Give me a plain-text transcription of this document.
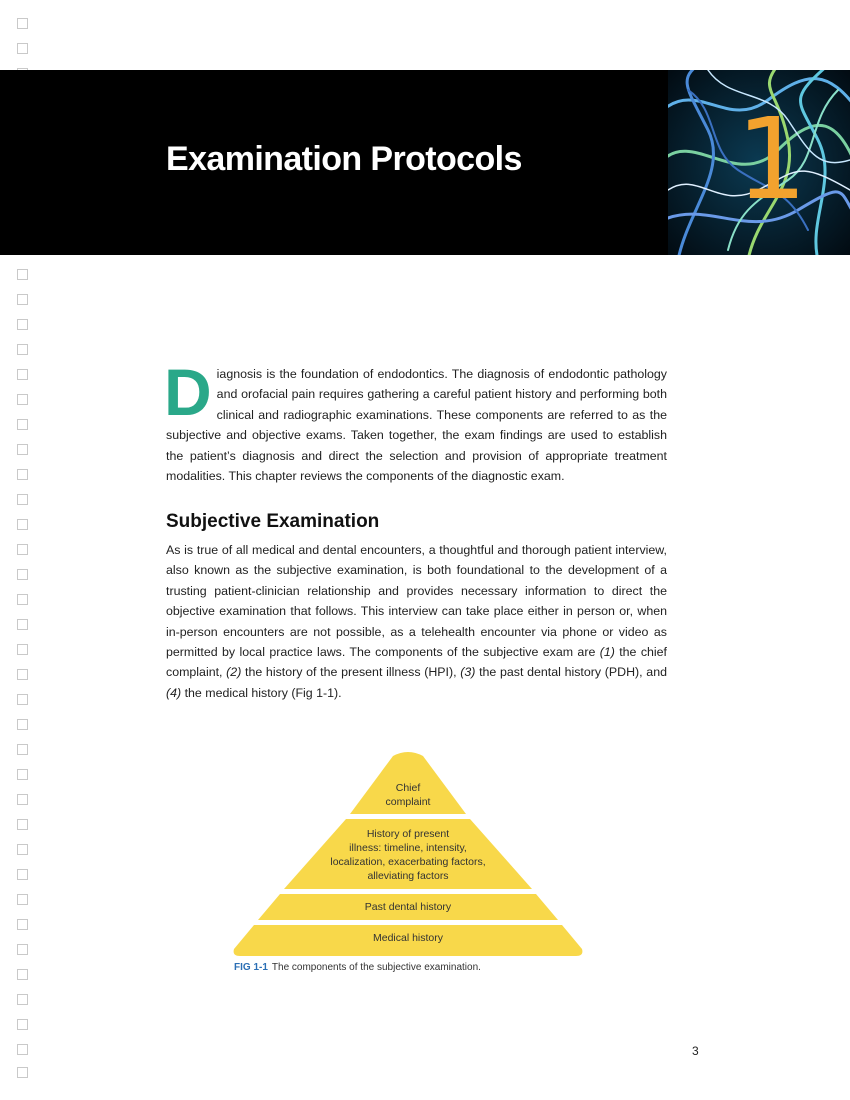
Examination Protocols 1

D iagnosis is the foundation of endodontics. The diagnosis of endodontic pathology and orofacial pain requires gathering a careful patient history and performing both clinical and radiographic examinations. These components are referred to as the subjective and objective exams. Taken together, the exam findings are used to establish the patient’s diagnosis and direct the selection and provision of appropriate treatment modalities. This chapter reviews the components of the diagnostic exam.

Subjective Examination

As is true of all medical and dental encounters, a thoughtful and thorough patient interview, also known as the subjective examination, is both foundational to the development of a trusting patient-clinician relationship and provides necessary information to direct the objective examination that follows. This interview can take place either in person or, when in-person encounters are not possible, as a telehealth encounter via phone or video as permitted by local practice laws. The components of the subjective exam are (1) the chief complaint, (2) the history of the present illness (HPI), (3) the past dental history (PDH), and (4) the medical history (Fig 1-1).

Chief
complaint
History of present
illness: timeline, intensity,
localization, exacerbating factors,
alleviating factors
Past dental history
Medical history

FIG 1-1 The components of the subjective examination.

3
